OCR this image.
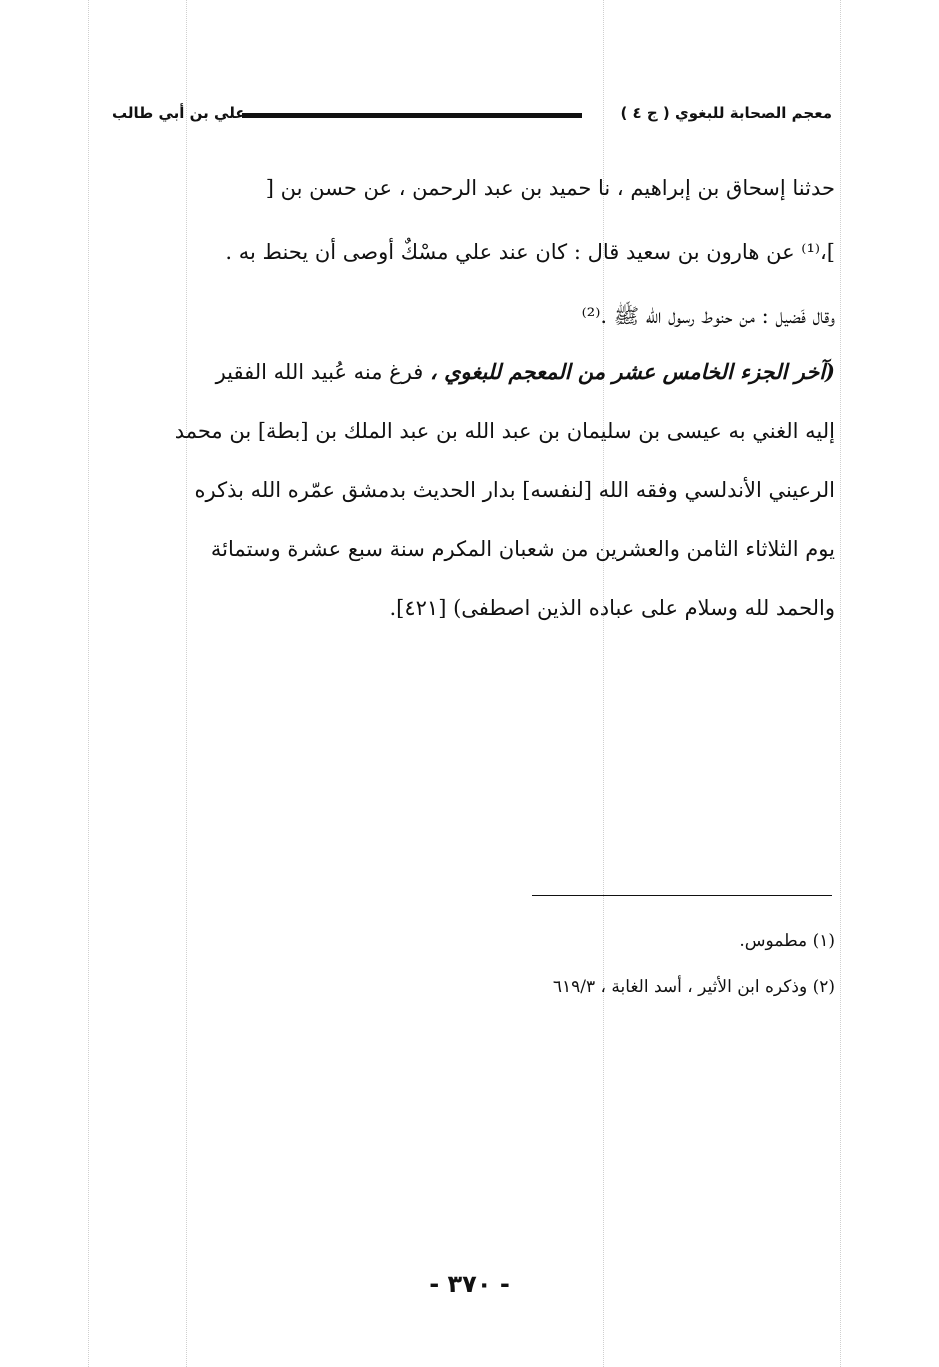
معجم الصحابة للبغوي ( ج ٤ )
علي بن أبي طالب
حدثنا إسحاق بن إبراهيم ، نا حميد بن عبد الرحمن ، عن حسن بن [
]،⁽¹⁾ عن هارون بن سعيد قال : كان عند علي مسْكٌ أوصى أن يحنط به .
وقال فَضيل : من حنوط رسول الله ﷺ .⁽²⁾
(آخر الجزء الخامس عشر من المعجم للبغوي ، فرغ منه عُبيد الله الفقير
إليه الغني به عيسى بن سليمان بن عبد الله بن عبد الملك بن [بطة] بن محمد
الرعيني الأندلسي وفقه الله [لنفسه] بدار الحديث بدمشق عمّره الله بذكره
يوم الثلاثاء الثامن والعشرين من شعبان المكرم سنة سبع عشرة وستمائة
والحمد لله وسلام على عباده الذين اصطفى) [٤٢١].
(١) مطموس.
(٢) وذكره ابن الأثير ، أسد الغابة ، ٦١٩/٣
- ٣٧٠ -
